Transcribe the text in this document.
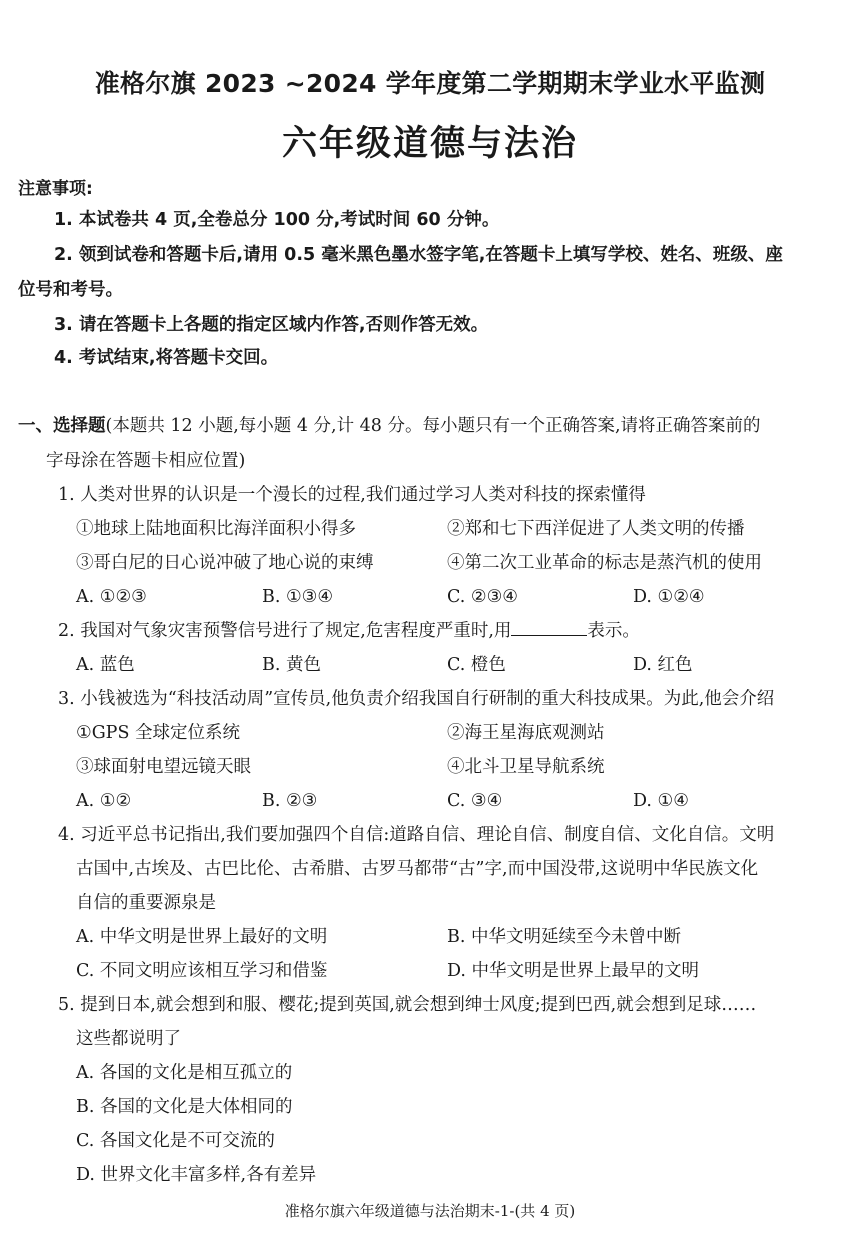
准格尔旗 2023 ~2024 学年度第二学期期末学业水平监测
六年级道德与法治
注意事项:
1. 本试卷共 4 页,全卷总分 100 分,考试时间 60 分钟。
2. 领到试卷和答题卡后,请用 0.5 毫米黑色墨水签字笔,在答题卡上填写学校、姓名、班级、座
位号和考号。
3. 请在答题卡上各题的指定区域内作答,否则作答无效。
4. 考试结束,将答题卡交回。
一、选择题(本题共 12 小题,每小题 4 分,计 48 分。每小题只有一个正确答案,请将正确答案前的
字母涂在答题卡相应位置)
1. 人类对世界的认识是一个漫长的过程,我们通过学习人类对科技的探索懂得
①地球上陆地面积比海洋面积小得多	②郑和七下西洋促进了人类文明的传播
③哥白尼的日心说冲破了地心说的束缚	④第二次工业革命的标志是蒸汽机的使用
A. ①②③	B. ①③④	C. ②③④	D. ①②④
2. 我国对气象灾害预警信号进行了规定,危害程度严重时,用	表示。
A. 蓝色	B. 黄色	C. 橙色	D. 红色
3. 小钱被选为“科技活动周”宣传员,他负责介绍我国自行研制的重大科技成果。为此,他会介绍
①GPS 全球定位系统	②海王星海底观测站
③球面射电望远镜天眼	④北斗卫星导航系统
A. ①②	B. ②③	C. ③④	D. ①④
4. 习近平总书记指出,我们要加强四个自信:道路自信、理论自信、制度自信、文化自信。文明
古国中,古埃及、古巴比伦、古希腊、古罗马都带“古”字,而中国没带,这说明中华民族文化
自信的重要源泉是
A. 中华文明是世界上最好的文明	B. 中华文明延续至今未曾中断
C. 不同文明应该相互学习和借鉴	D. 中华文明是世界上最早的文明
5. 提到日本,就会想到和服、樱花;提到英国,就会想到绅士风度;提到巴西,就会想到足球……
这些都说明了
A. 各国的文化是相互孤立的
B. 各国的文化是大体相同的
C. 各国文化是不可交流的
D. 世界文化丰富多样,各有差异
准格尔旗六年级道德与法治期末-1-(共 4 页)
